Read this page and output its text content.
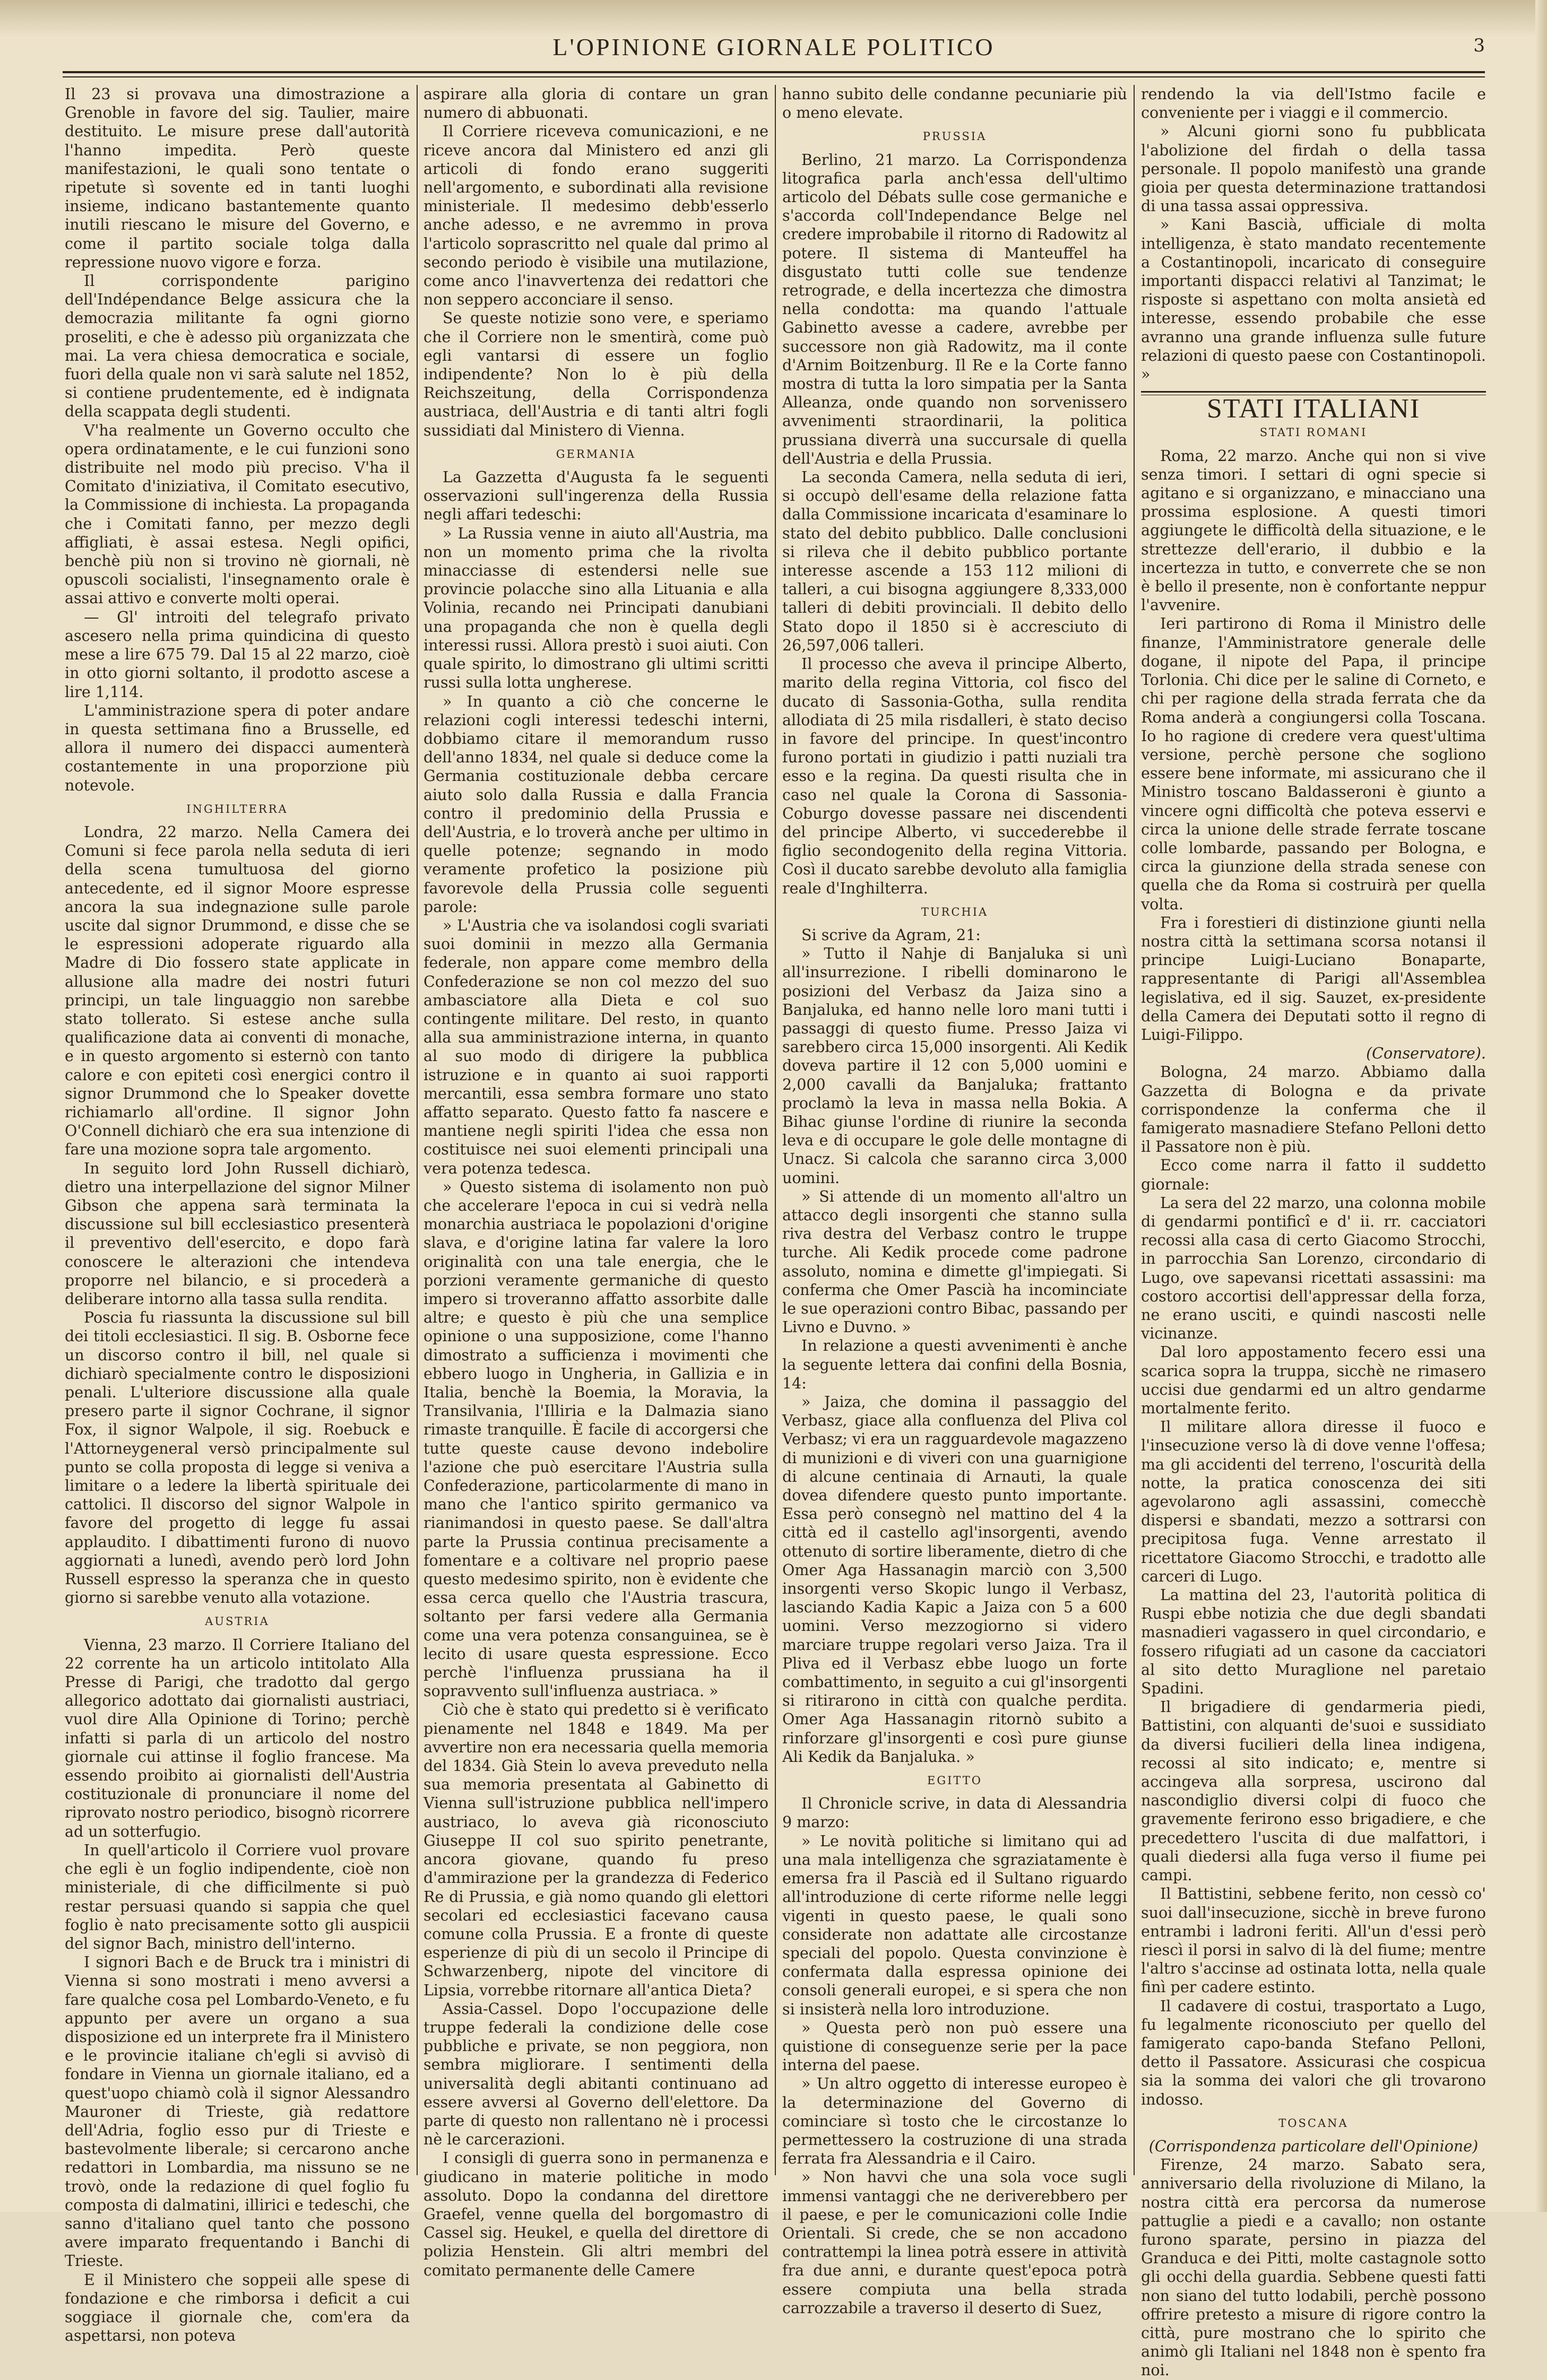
L'OPINIONE GIORNALE POLITICO	3

Il 23 si provava una dimostrazione a Grenoble in favore del sig. Taulier, maire destituito. Le misure prese dall'autorità l'hanno impedita. Però queste manifestazioni, le quali sono tentate o ripetute sì sovente ed in tanti luoghi insieme, indicano bastantemente quanto inutili riescano le misure del Governo, e come il partito sociale tolga dalla repressione nuovo vigore e forza.

Il corrispondente parigino dell'Indépendance Belge assicura che la democrazia militante fa ogni giorno proseliti, e che è adesso più organizzata che mai. La vera chiesa democratica e sociale, fuori della quale non vi sarà salute nel 1852, si contiene prudentemente, ed è indignata della scappata degli studenti.

V'ha realmente un Governo occulto che opera ordinatamente, e le cui funzioni sono distribuite nel modo più preciso. V'ha il Comitato d'iniziativa, il Comitato esecutivo, la Commissione di inchiesta. La propaganda che i Comitati fanno, per mezzo degli affigliati, è assai estesa. Negli opifici, benchè più non si trovino nè giornali, nè opuscoli socialisti, l'insegnamento orale è assai attivo e converte molti operai.

— Gl' introiti del telegrafo privato ascesero nella prima quindicina di questo mese a lire 675 79. Dal 15 al 22 marzo, cioè in otto giorni soltanto, il prodotto ascese a lire 1,114.

L'amministrazione spera di poter andare in questa settimana fino a Brusselle, ed allora il numero dei dispacci aumenterà costantemente in una proporzione più notevole.

INGHILTERRA

Londra, 22 marzo. Nella Camera dei Comuni si fece parola nella seduta di ieri della scena tumultuosa del giorno antecedente, ed il signor Moore espresse ancora la sua indegnazione sulle parole uscite dal signor Drummond, e disse che se le espressioni adoperate riguardo alla Madre di Dio fossero state applicate in allusione alla madre dei nostri futuri principi, un tale linguaggio non sarebbe stato tollerato. Si estese anche sulla qualificazione data ai conventi di monache, e in questo argomento si esternò con tanto calore e con epiteti così energici contro il signor Drummond che lo Speaker dovette richiamarlo all'ordine. Il signor John O'Connell dichiarò che era sua intenzione di fare una mozione sopra tale argomento.

In seguito lord John Russell dichiarò, dietro una interpellazione del signor Milner Gibson che appena sarà terminata la discussione sul bill ecclesiastico presenterà il preventivo dell'esercito, e dopo farà conoscere le alterazioni che intendeva proporre nel bilancio, e si procederà a deliberare intorno alla tassa sulla rendita.

Poscia fu riassunta la discussione sul bill dei titoli ecclesiastici. Il sig. B. Osborne fece un discorso contro il bill, nel quale si dichiarò specialmente contro le disposizioni penali. L'ulteriore discussione alla quale presero parte il signor Cochrane, il signor Fox, il signor Walpole, il sig. Roebuck e l'Attorneygeneral versò principalmente sul punto se colla proposta di legge si veniva a limitare o a ledere la libertà spirituale dei cattolici. Il discorso del signor Walpole in favore del progetto di legge fu assai applaudito. I dibattimenti furono di nuovo aggiornati a lunedì, avendo però lord John Russell espresso la speranza che in questo giorno si sarebbe venuto alla votazione.

AUSTRIA

Vienna, 23 marzo. Il Corriere Italiano del 22 corrente ha un articolo intitolato Alla Presse di Parigi, che tradotto dal gergo allegorico adottato dai giornalisti austriaci, vuol dire Alla Opinione di Torino; perchè infatti si parla di un articolo del nostro giornale cui attinse il foglio francese. Ma essendo proibito ai giornalisti dell'Austria costituzionale di pronunciare il nome del riprovato nostro periodico, bisognò ricorrere ad un sotterfugio.

In quell'articolo il Corriere vuol provare che egli è un foglio indipendente, cioè non ministeriale, di che difficilmente si può restar persuasi quando si sappia che quel foglio è nato precisamente sotto gli auspicii del signor Bach, ministro dell'interno.

I signori Bach e de Bruck tra i ministri di Vienna si sono mostrati i meno avversi a fare qualche cosa pel Lombardo-Veneto, e fu appunto per avere un organo a sua disposizione ed un interprete fra il Ministero e le provincie italiane ch'egli si avvisò di fondare in Vienna un giornale italiano, ed a quest'uopo chiamò colà il signor Alessandro Mauroner di Trieste, già redattore dell'Adria, foglio esso pur di Trieste e bastevolmente liberale; si cercarono anche redattori in Lombardia, ma nissuno se ne trovò, onde la redazione di quel foglio fu composta di dalmatini, illirici e tedeschi, che sanno d'italiano quel tanto che possono avere imparato frequentando i Banchi di Trieste.

E il Ministero che soppeii alle spese di fondazione e che rimborsa i deficit a cui soggiace il giornale che, com'era da aspettarsi, non poteva

aspirare alla gloria di contare un gran numero di abbuonati.

Il Corriere riceveva comunicazioni, e ne riceve ancora dal Ministero ed anzi gli articoli di fondo erano suggeriti nell'argomento, e subordinati alla revisione ministeriale. Il medesimo debb'esserlo anche adesso, e ne avremmo in prova l'articolo soprascritto nel quale dal primo al secondo periodo è visibile una mutilazione, come anco l'inavvertenza dei redattori che non seppero acconciare il senso.

Se queste notizie sono vere, e speriamo che il Corriere non le smentirà, come può egli vantarsi di essere un foglio indipendente? Non lo è più della Reichszeitung, della Corrispondenza austriaca, dell'Austria e di tanti altri fogli sussidiati dal Ministero di Vienna.

GERMANIA

La Gazzetta d'Augusta fa le seguenti osservazioni sull'ingerenza della Russia negli affari tedeschi:

» La Russia venne in aiuto all'Austria, ma non un momento prima che la rivolta minacciasse di estendersi nelle sue provincie polacche sino alla Lituania e alla Volinia, recando nei Principati danubiani una propaganda che non è quella degli interessi russi. Allora prestò i suoi aiuti. Con quale spirito, lo dimostrano gli ultimi scritti russi sulla lotta ungherese.

» In quanto a ciò che concerne le relazioni cogli interessi tedeschi interni, dobbiamo citare il memorandum russo dell'anno 1834, nel quale si deduce come la Germania costituzionale debba cercare aiuto solo dalla Russia e dalla Francia contro il predominio della Prussia e dell'Austria, e lo troverà anche per ultimo in quelle potenze; segnando in modo veramente profetico la posizione più favorevole della Prussia colle seguenti parole:

» L'Austria che va isolandosi cogli svariati suoi dominii in mezzo alla Germania federale, non appare come membro della Confederazione se non col mezzo del suo ambasciatore alla Dieta e col suo contingente militare. Del resto, in quanto alla sua amministrazione interna, in quanto al suo modo di dirigere la pubblica istruzione e in quanto ai suoi rapporti mercantili, essa sembra formare uno stato affatto separato. Questo fatto fa nascere e mantiene negli spiriti l'idea che essa non costituisce nei suoi elementi principali una vera potenza tedesca.

» Questo sistema di isolamento non può che accelerare l'epoca in cui si vedrà nella monarchia austriaca le popolazioni d'origine slava, e d'origine latina far valere la loro originalità con una tale energia, che le porzioni veramente germaniche di questo impero si troveranno affatto assorbite dalle altre; e questo è più che una semplice opinione o una supposizione, come l'hanno dimostrato a sufficienza i movimenti che ebbero luogo in Ungheria, in Gallizia e in Italia, benchè la Boemia, la Moravia, la Transilvania, l'Illiria e la Dalmazia siano rimaste tranquille. È facile di accorgersi che tutte queste cause devono indebolire l'azione che può esercitare l'Austria sulla Confederazione, particolarmente di mano in mano che l'antico spirito germanico va rianimandosi in questo paese. Se dall'altra parte la Prussia continua precisamente a fomentare e a coltivare nel proprio paese questo medesimo spirito, non è evidente che essa cerca quello che l'Austria trascura, soltanto per farsi vedere alla Germania come una vera potenza consanguinea, se è lecito di usare questa espressione. Ecco perchè l'influenza prussiana ha il sopravvento sull'influenza austriaca. »

Ciò che è stato qui predetto si è verificato pienamente nel 1848 e 1849. Ma per avvertire non era necessaria quella memoria del 1834. Già Stein lo aveva preveduto nella sua memoria presentata al Gabinetto di Vienna sull'istruzione pubblica nell'impero austriaco, lo aveva già riconosciuto Giuseppe II col suo spirito penetrante, ancora giovane, quando fu preso d'ammirazione per la grandezza di Federico Re di Prussia, e già nomo quando gli elettori secolari ed ecclesiastici facevano causa comune colla Prussia. E a fronte di queste esperienze di più di un secolo il Principe di Schwarzenberg, nipote del vincitore di Lipsia, vorrebbe ritornare all'antica Dieta?

Assia-Cassel. Dopo l'occupazione delle truppe federali la condizione delle cose pubbliche e private, se non peggiora, non sembra migliorare. I sentimenti della universalità degli abitanti continuano ad essere avversi al Governo dell'elettore. Da parte di questo non rallentano nè i processi nè le carcerazioni.

I consigli di guerra sono in permanenza e giudicano in materie politiche in modo assoluto. Dopo la condanna del direttore Graefel, venne quella del borgomastro di Cassel sig. Heukel, e quella del direttore di polizia Henstein. Gli altri membri del comitato permanente delle Camere

hanno subito delle condanne pecuniarie più o meno elevate.

PRUSSIA

Berlino, 21 marzo. La Corrispondenza litografica parla anch'essa dell'ultimo articolo del Débats sulle cose germaniche e s'accorda coll'Independance Belge nel credere improbabile il ritorno di Radowitz al potere. Il sistema di Manteuffel ha disgustato tutti colle sue tendenze retrograde, e della incertezza che dimostra nella condotta: ma quando l'attuale Gabinetto avesse a cadere, avrebbe per successore non già Radowitz, ma il conte d'Arnim Boitzenburg. Il Re e la Corte fanno mostra di tutta la loro simpatia per la Santa Alleanza, onde quando non sorvenissero avvenimenti straordinarii, la politica prussiana diverrà una succursale di quella dell'Austria e della Prussia.

La seconda Camera, nella seduta di ieri, si occupò dell'esame della relazione fatta dalla Commissione incaricata d'esaminare lo stato del debito pubblico. Dalle conclusioni si rileva che il debito pubblico portante interesse ascende a 153 112 milioni di talleri, a cui bisogna aggiungere 8,333,000 talleri di debiti provinciali. Il debito dello Stato dopo il 1850 si è accresciuto di 26,597,006 talleri.

Il processo che aveva il principe Alberto, marito della regina Vittoria, col fisco del ducato di Sassonia-Gotha, sulla rendita allodiata di 25 mila risdalleri, è stato deciso in favore del principe. In quest'incontro furono portati in giudizio i patti nuziali tra esso e la regina. Da questi risulta che in caso nel quale la Corona di Sassonia-Coburgo dovesse passare nei discendenti del principe Alberto, vi succederebbe il figlio secondogenito della regina Vittoria. Così il ducato sarebbe devoluto alla famiglia reale d'Inghilterra.

TURCHIA

Si scrive da Agram, 21:

» Tutto il Nahje di Banjaluka si unì all'insurrezione. I ribelli dominarono le posizioni del Verbasz da Jaiza sino a Banjaluka, ed hanno nelle loro mani tutti i passaggi di questo fiume. Presso Jaiza vi sarebbero circa 15,000 insorgenti. Ali Kedik doveva partire il 12 con 5,000 uomini e 2,000 cavalli da Banjaluka; frattanto proclamò la leva in massa nella Bokia. A Bihac giunse l'ordine di riunire la seconda leva e di occupare le gole delle montagne di Unacz. Si calcola che saranno circa 3,000 uomini.

» Si attende di un momento all'altro un attacco degli insorgenti che stanno sulla riva destra del Verbasz contro le truppe turche. Ali Kedik procede come padrone assoluto, nomina e dimette gl'impiegati. Si conferma che Omer Pascià ha incominciate le sue operazioni contro Bibac, passando per Livno e Duvno. »

In relazione a questi avvenimenti è anche la seguente lettera dai confini della Bosnia, 14:

» Jaiza, che domina il passaggio del Verbasz, giace alla confluenza del Pliva col Verbasz; vi era un ragguardevole magazzeno di munizioni e di viveri con una guarnigione di alcune centinaia di Arnauti, la quale dovea difendere questo punto importante. Essa però consegnò nel mattino del 4 la città ed il castello agl'insorgenti, avendo ottenuto di sortire liberamente, dietro di che Omer Aga Hassanagin marciò con 3,500 insorgenti verso Skopic lungo il Verbasz, lasciando Kadia Kapic a Jaiza con 5 a 600 uomini. Verso mezzogiorno si videro marciare truppe regolari verso Jaiza. Tra il Pliva ed il Verbasz ebbe luogo un forte combattimento, in seguito a cui gl'insorgenti si ritirarono in città con qualche perdita. Omer Aga Hassanagin ritornò subito a rinforzare gl'insorgenti e così pure giunse Ali Kedik da Banjaluka. »

EGITTO

Il Chronicle scrive, in data di Alessandria 9 marzo:

» Le novità politiche si limitano qui ad una mala intelligenza che sgraziatamente è emersa fra il Pascià ed il Sultano riguardo all'introduzione di certe riforme nelle leggi vigenti in questo paese, le quali sono considerate non adattate alle circostanze speciali del popolo. Questa convinzione è confermata dalla espressa opinione dei consoli generali europei, e si spera che non si insisterà nella loro introduzione.

» Questa però non può essere una quistione di conseguenze serie per la pace interna del paese.

» Un altro oggetto di interesse europeo è la determinazione del Governo di cominciare sì tosto che le circostanze lo permettessero la costruzione di una strada ferrata fra Alessandria e il Cairo.

» Non havvi che una sola voce sugli immensi vantaggi che ne deriverebbero per il paese, e per le comunicazioni colle Indie Orientali. Si crede, che se non accadono contrattempi la linea potrà essere in attività fra due anni, e durante quest'epoca potrà essere compiuta una bella strada carrozzabile a traverso il deserto di Suez,

rendendo la via dell'Istmo facile e conveniente per i viaggi e il commercio.

» Alcuni giorni sono fu pubblicata l'abolizione del firdah o della tassa personale. Il popolo manifestò una grande gioia per questa determinazione trattandosi di una tassa assai oppressiva.

» Kani Bascià, ufficiale di molta intelligenza, è stato mandato recentemente a Costantinopoli, incaricato di conseguire importanti dispacci relativi al Tanzimat; le risposte si aspettano con molta ansietà ed interesse, essendo probabile che esse avranno una grande influenza sulle future relazioni di questo paese con Costantinopoli. »

STATI ITALIANI
STATI ROMANI

Roma, 22 marzo. Anche qui non si vive senza timori. I settari di ogni specie si agitano e si organizzano, e minacciano una prossima esplosione. A questi timori aggiungete le difficoltà della situazione, e le strettezze dell'erario, il dubbio e la incertezza in tutto, e converrete che se non è bello il presente, non è confortante neppur l'avvenire.

Ieri partirono di Roma il Ministro delle finanze, l'Amministratore generale delle dogane, il nipote del Papa, il principe Torlonia. Chi dice per le saline di Corneto, e chi per ragione della strada ferrata che da Roma anderà a congiungersi colla Toscana. Io ho ragione di credere vera quest'ultima versione, perchè persone che sogliono essere bene informate, mi assicurano che il Ministro toscano Baldasseroni è giunto a vincere ogni difficoltà che poteva esservi e circa la unione delle strade ferrate toscane colle lombarde, passando per Bologna, e circa la giunzione della strada senese con quella che da Roma si costruirà per quella volta.

Fra i forestieri di distinzione giunti nella nostra città la settimana scorsa notansi il principe Luigi-Luciano Bonaparte, rappresentante di Parigi all'Assemblea legislativa, ed il sig. Sauzet, ex-presidente della Camera dei Deputati sotto il regno di Luigi-Filippo.

(Conservatore).

Bologna, 24 marzo. Abbiamo dalla Gazzetta di Bologna e da private corrispondenze la conferma che il famigerato masnadiere Stefano Pelloni detto il Passatore non è più.

Ecco come narra il fatto il suddetto giornale:

La sera del 22 marzo, una colonna mobile di gendarmi pontificî e d' ii. rr. cacciatori recossi alla casa di certo Giacomo Strocchi, in parrocchia San Lorenzo, circondario di Lugo, ove sapevansi ricettati assassini: ma costoro accortisi dell'appressar della forza, ne erano usciti, e quindi nascosti nelle vicinanze.

Dal loro appostamento fecero essi una scarica sopra la truppa, sicchè ne rimasero uccisi due gendarmi ed un altro gendarme mortalmente ferito.

Il militare allora diresse il fuoco e l'insecuzione verso là di dove venne l'offesa; ma gli accidenti del terreno, l'oscurità della notte, la pratica conoscenza dei siti agevolarono agli assassini, comecchè dispersi e sbandati, mezzo a sottrarsi con precipitosa fuga. Venne arrestato il ricettatore Giacomo Strocchi, e tradotto alle carceri di Lugo.

La mattina del 23, l'autorità politica di Ruspi ebbe notizia che due degli sbandati masnadieri vagassero in quel circondario, e fossero rifugiati ad un casone da cacciatori al sito detto Muraglione nel paretaio Spadini.

Il brigadiere di gendarmeria piedi, Battistini, con alquanti de'suoi e sussidiato da diversi fucilieri della linea indigena, recossi al sito indicato; e, mentre si accingeva alla sorpresa, uscirono dal nascondiglio diversi colpi di fuoco che gravemente ferirono esso brigadiere, e che precedettero l'uscita di due malfattori, i quali diedersi alla fuga verso il fiume pei campi.

Il Battistini, sebbene ferito, non cessò co' suoi dall'insecuzione, sicchè in breve furono entrambi i ladroni feriti. All'un d'essi però riescì il porsi in salvo di là del fiume; mentre l'altro s'accinse ad ostinata lotta, nella quale finì per cadere estinto.

Il cadavere di costui, trasportato a Lugo, fu legalmente riconosciuto per quello del famigerato capo-banda Stefano Pelloni, detto il Passatore. Assicurasi che cospicua sia la somma dei valori che gli trovarono indosso.

TOSCANA
(Corrispondenza particolare dell'Opinione)

Firenze, 24 marzo. Sabato sera, anniversario della rivoluzione di Milano, la nostra città era percorsa da numerose pattuglie a piedi e a cavallo; non ostante furono sparate, persino in piazza del Granduca e dei Pitti, molte castagnole sotto gli occhi della guardia. Sebbene questi fatti non siano del tutto lodabili, perchè possono offrire pretesto a misure di rigore contro la città, pure mostrano che lo spirito che animò gli Italiani nel 1848 non è spento fra noi.
